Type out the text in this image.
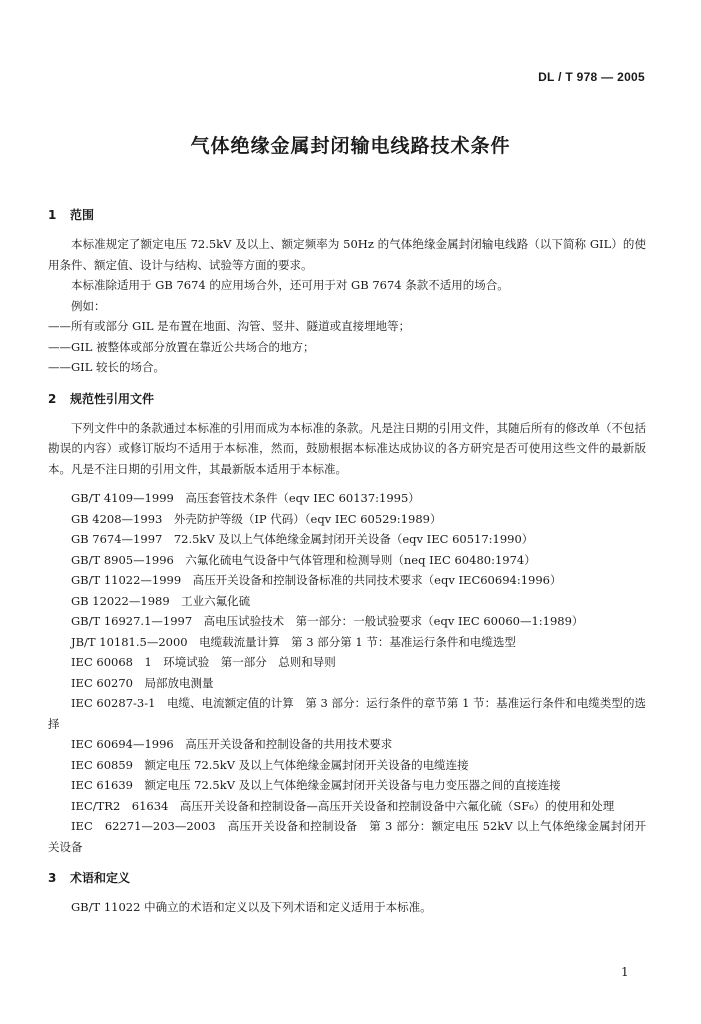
DL / T 978 — 2005
气体绝缘金属封闭输电线路技术条件
1 范围

本标准规定了额定电压 72.5kV 及以上、额定频率为 50Hz 的气体绝缘金属封闭输电线路（以下简称 GIL）的使用条件、额定值、设计与结构、试验等方面的要求。

本标准除适用于 GB 7674 的应用场合外，还可用于对 GB 7674 条款不适用的场合。

例如：

——所有或部分 GIL 是布置在地面、沟管、竖井、隧道或直接埋地等；

——GIL 被整体或部分放置在靠近公共场合的地方；

——GIL 较长的场合。

2 规范性引用文件

下列文件中的条款通过本标准的引用而成为本标准的条款。凡是注日期的引用文件，其随后所有的修改单（不包括勘误的内容）或修订版均不适用于本标准，然而，鼓励根据本标准达成协议的各方研究是否可使用这些文件的最新版本。凡是不注日期的引用文件，其最新版本适用于本标准。

GB/T 4109—1999　高压套管技术条件（eqv IEC 60137:1995）

GB 4208—1993　外壳防护等级（IP 代码）（eqv IEC 60529:1989）

GB 7674—1997　72.5kV 及以上气体绝缘金属封闭开关设备（eqv IEC 60517:1990）

GB/T 8905—1996　六氟化硫电气设备中气体管理和检测导则（neq IEC 60480:1974）

GB/T 11022—1999　高压开关设备和控制设备标准的共同技术要求（eqv IEC60694:1996）

GB 12022—1989　工业六氟化硫

GB/T 16927.1—1997　高电压试验技术　第一部分：一般试验要求（eqv IEC 60060—1:1989）

JB/T 10181.5—2000　电缆载流量计算　第 3 部分第 1 节：基准运行条件和电缆选型

IEC 60068　1　环境试验　第一部分　总则和导则

IEC 60270　局部放电测量

IEC 60287-3-1　电缆、电流额定值的计算　第 3 部分：运行条件的章节第 1 节：基准运行条件和电缆类型的选择

IEC 60694—1996　高压开关设备和控制设备的共用技术要求

IEC 60859　额定电压 72.5kV 及以上气体绝缘金属封闭开关设备的电缆连接

IEC 61639　额定电压 72.5kV 及以上气体绝缘金属封闭开关设备与电力变压器之间的直接连接

IEC/TR2　61634　高压开关设备和控制设备—高压开关设备和控制设备中六氟化硫（SF₆）的使用和处理

IEC　62271—203—2003　高压开关设备和控制设备　第 3 部分：额定电压 52kV 以上气体绝缘金属封闭开关设备

3 术语和定义

GB/T 11022 中确立的术语和定义以及下列术语和定义适用于本标准。

1
